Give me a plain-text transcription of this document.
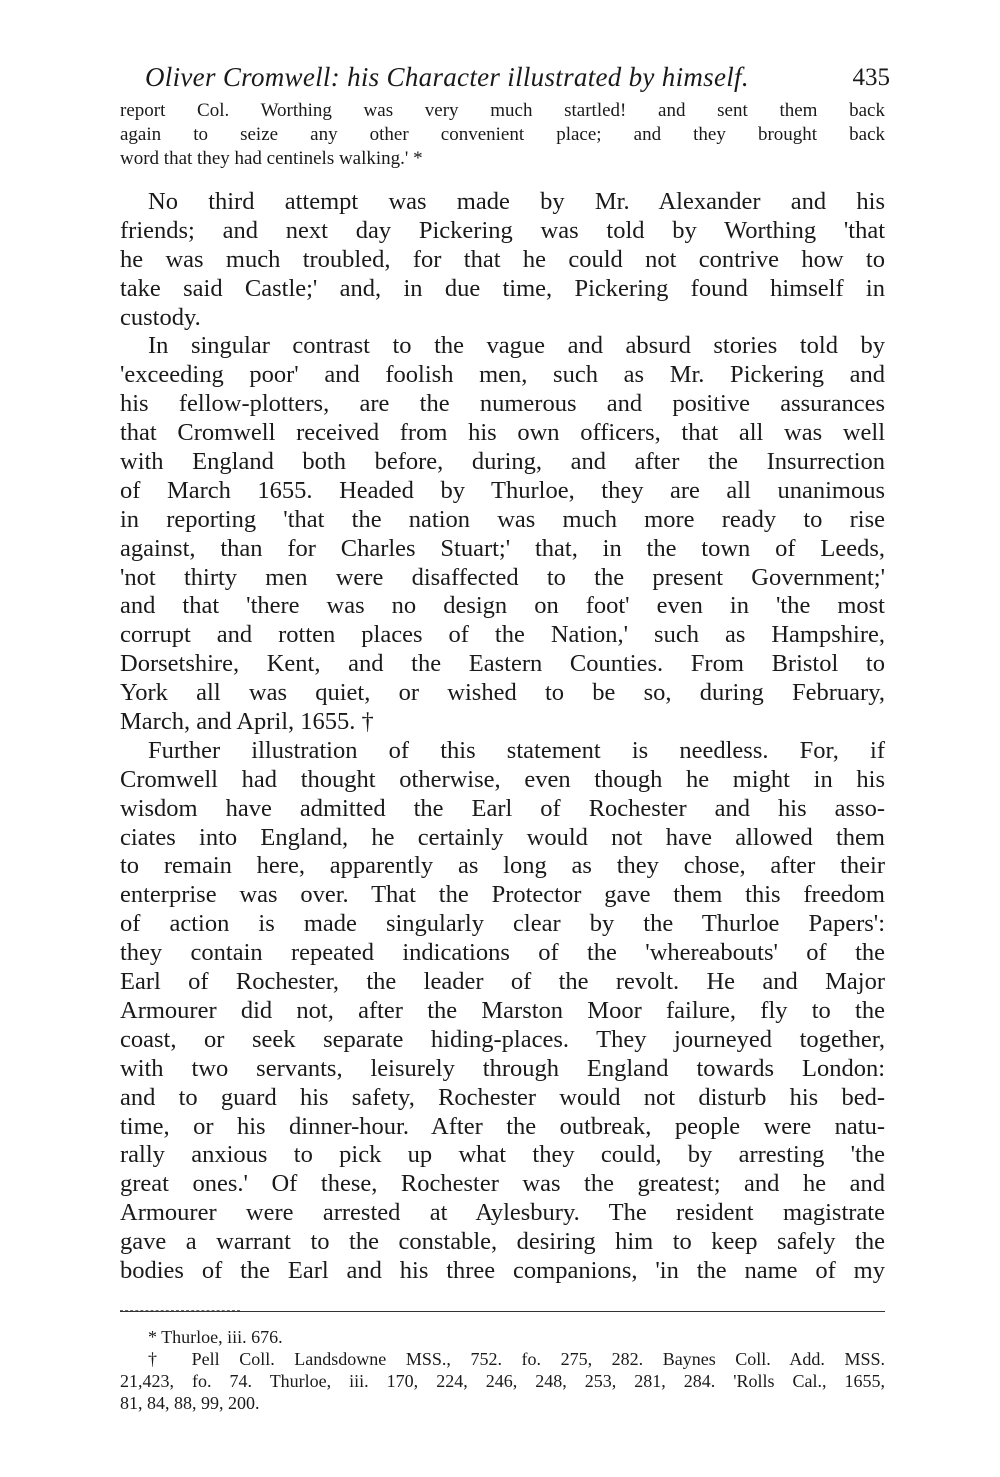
Oliver Cromwell: his Character illustrated by himself.	435
report Col. Worthing was very much startled! and sent them back
again to seize any other convenient place; and they brought back
word that they had centinels walking.' *
No third attempt was made by Mr. Alexander and his
friends; and next day Pickering was told by Worthing 'that
he was much troubled, for that he could not contrive how to
take said Castle;' and, in due time, Pickering found himself in
custody.
In singular contrast to the vague and absurd stories told by
'exceeding poor' and foolish men, such as Mr. Pickering and
his fellow-plotters, are the numerous and positive assurances
that Cromwell received from his own officers, that all was well
with England both before, during, and after the Insurrection
of March 1655. Headed by Thurloe, they are all unanimous
in reporting 'that the nation was much more ready to rise
against, than for Charles Stuart;' that, in the town of Leeds,
'not thirty men were disaffected to the present Government;'
and that 'there was no design on foot' even in 'the most
corrupt and rotten places of the Nation,' such as Hampshire,
Dorsetshire, Kent, and the Eastern Counties. From Bristol to
York all was quiet, or wished to be so, during February,
March, and April, 1655. †
Further illustration of this statement is needless. For, if
Cromwell had thought otherwise, even though he might in his
wisdom have admitted the Earl of Rochester and his asso-
ciates into England, he certainly would not have allowed them
to remain here, apparently as long as they chose, after their
enterprise was over. That the Protector gave them this freedom
of action is made singularly clear by the Thurloe Papers':
they contain repeated indications of the 'whereabouts' of the
Earl of Rochester, the leader of the revolt. He and Major
Armourer did not, after the Marston Moor failure, fly to the
coast, or seek separate hiding-places. They journeyed together,
with two servants, leisurely through England towards London:
and to guard his safety, Rochester would not disturb his bed-
time, or his dinner-hour. After the outbreak, people were natu-
rally anxious to pick up what they could, by arresting 'the
great ones.' Of these, Rochester was the greatest; and he and
Armourer were arrested at Aylesbury. The resident magistrate
gave a warrant to the constable, desiring him to keep safely the
bodies of the Earl and his three companions, 'in the name of my
* Thurloe, iii. 676.
† Pell Coll. Landsdowne MSS., 752. fo. 275, 282. Baynes Coll. Add. MSS.
21,423, fo. 74. Thurloe, iii. 170, 224, 246, 248, 253, 281, 284. 'Rolls Cal., 1655,
81, 84, 88, 99, 200.
